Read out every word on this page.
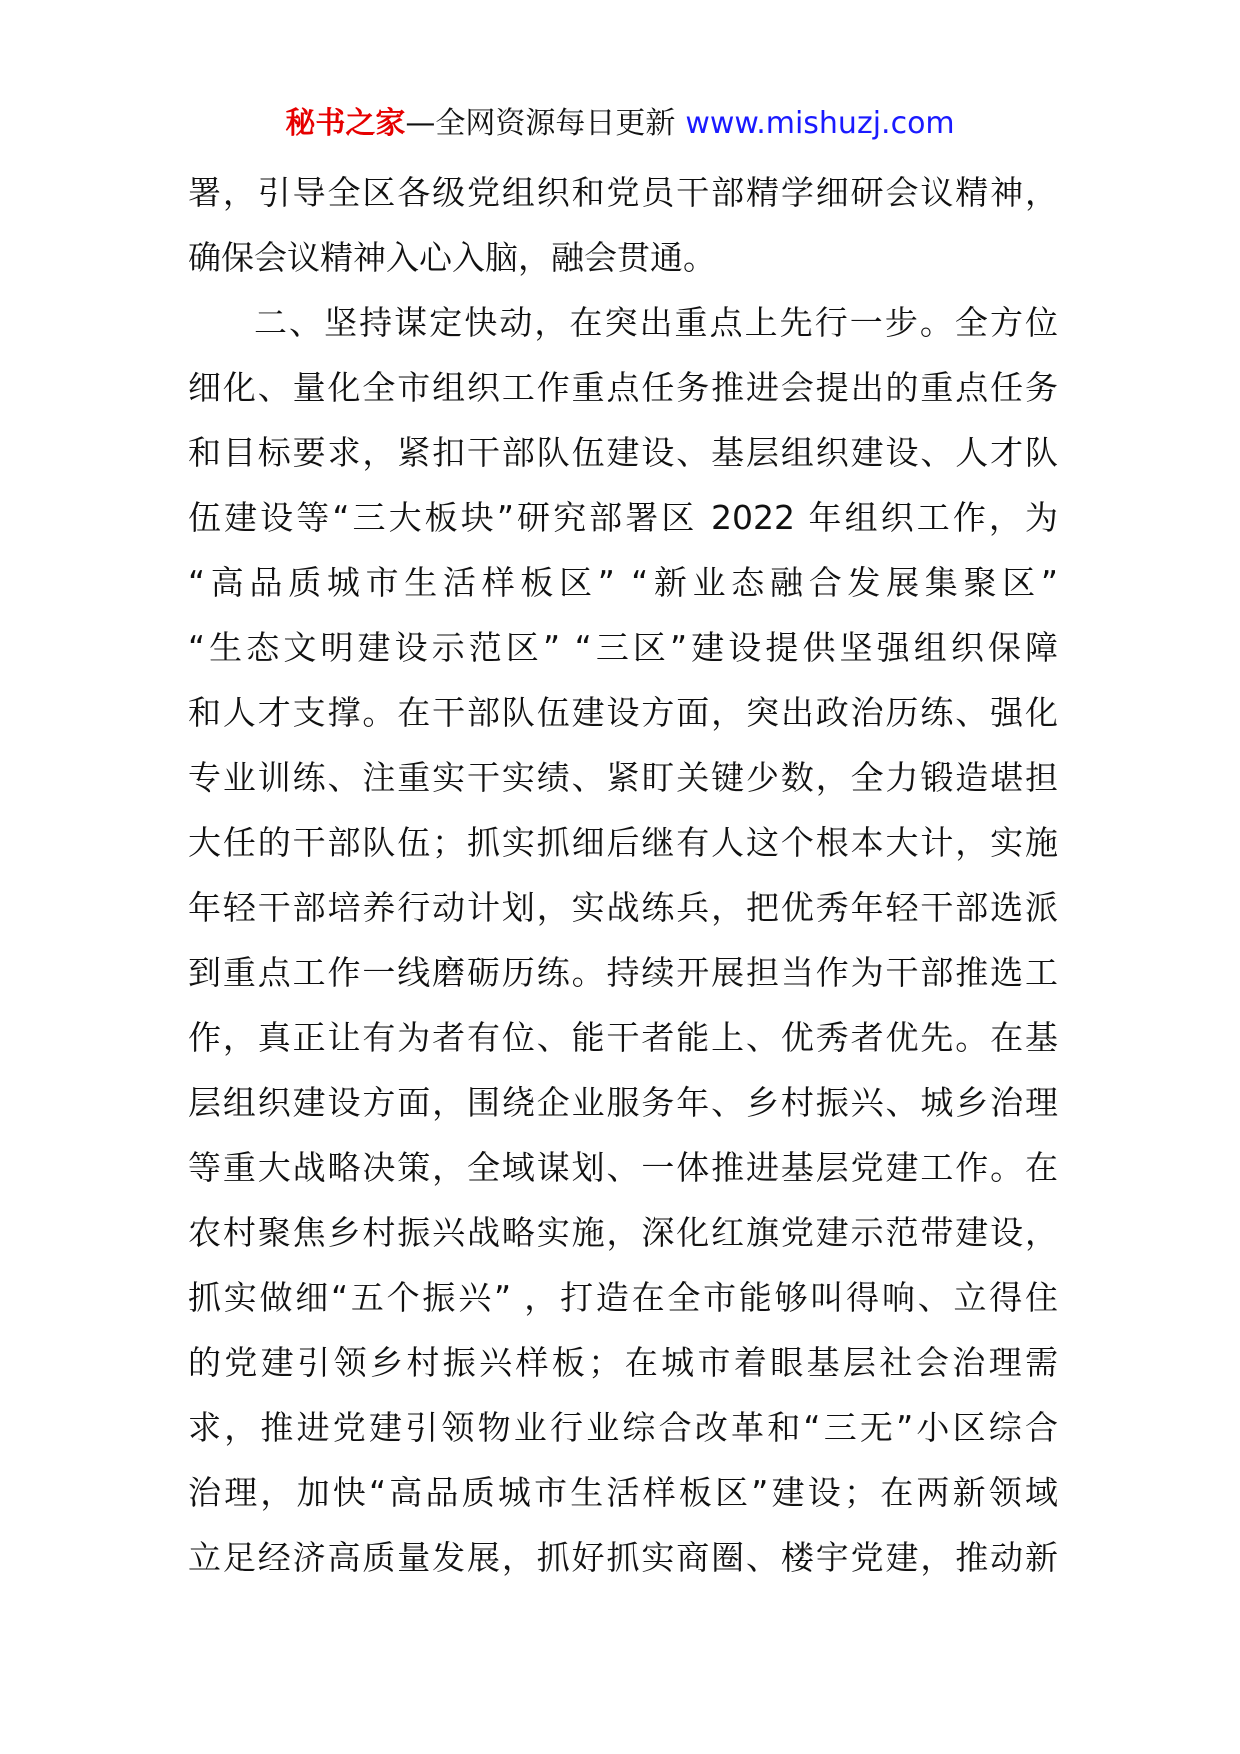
秘书之家—全网资源每日更新 www.mishuzj.com
署，引导全区各级党组织和党员干部精学细研会议精神，
确保会议精神入心入脑，融会贯通。
二、坚持谋定快动，在突出重点上先行一步。全方位
细化、量化全市组织工作重点任务推进会提出的重点任务
和目标要求，紧扣干部队伍建设、基层组织建设、人才队
伍建设等“三大板块”研究部署区 2022 年组织工作，为
“高品质城市生活样板区” “新业态融合发展集聚区”
“生态文明建设示范区” “三区”建设提供坚强组织保障
和人才支撑。在干部队伍建设方面，突出政治历练、强化
专业训练、注重实干实绩、紧盯关键少数，全力锻造堪担
大任的干部队伍；抓实抓细后继有人这个根本大计，实施
年轻干部培养行动计划，实战练兵，把优秀年轻干部选派
到重点工作一线磨砺历练。持续开展担当作为干部推选工
作，真正让有为者有位、能干者能上、优秀者优先。在基
层组织建设方面，围绕企业服务年、乡村振兴、城乡治理
等重大战略决策，全域谋划、一体推进基层党建工作。在
农村聚焦乡村振兴战略实施，深化红旗党建示范带建设，
抓实做细“五个振兴” ，打造在全市能够叫得响、立得住
的党建引领乡村振兴样板；在城市着眼基层社会治理需
求，推进党建引领物业行业综合改革和“三无”小区综合
治理，加快“高品质城市生活样板区”建设；在两新领域
立足经济高质量发展，抓好抓实商圈、楼宇党建，推动新
